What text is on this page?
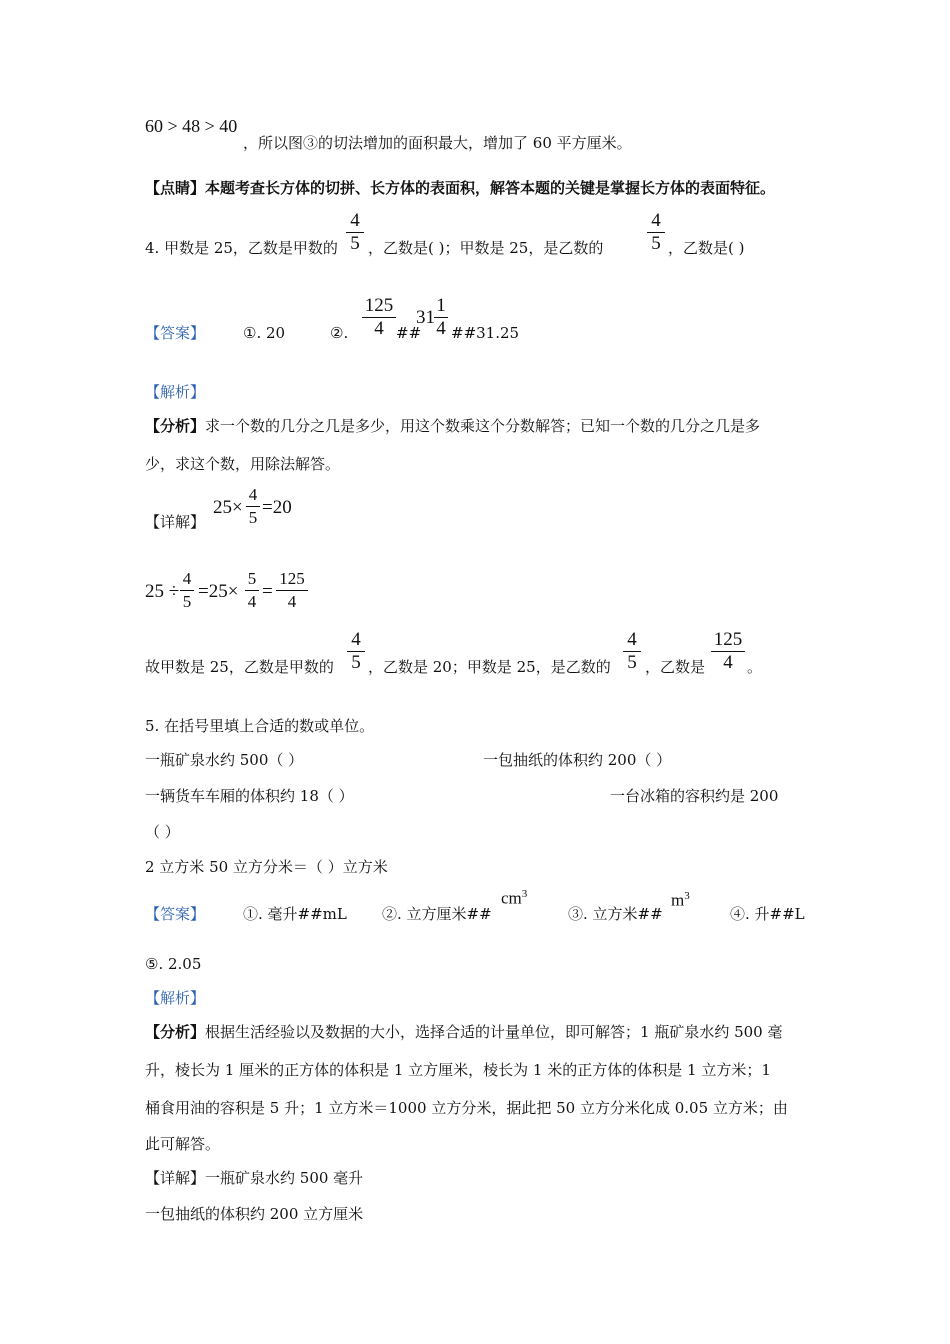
60 > 48 > 40
，所以图③的切法增加的面积最大，增加了 60 平方厘米。
【点睛】本题考查长方体的切拼、长方体的表面积，解答本题的关键是掌握长方体的表面特征。
4. 甲数是 25，乙数是甲数的
4
5 ，乙数是( )；甲数是 25，是乙数的
4
5 ，乙数是( )
【答案】	①. 20	②.
125
4 ##
31
1
4 ##31.25
【解析】
【分析】求一个数的几分之几是多少，用这个数乘这个分数解答；已知一个数的几分之几是多
少，求这个数，用除法解答。
【详解】
25×
4
5 =20
25 ÷
4
5 =25×
5
4 =
125
4
故甲数是 25，乙数是甲数的
4
5 ，乙数是 20；甲数是 25，是乙数的
4
5 ，乙数是
125
4 。
5. 在括号里填上合适的数或单位。
一瓶矿泉水约 500（ ）	一包抽纸的体积约 200（ ）
一辆货车车厢的体积约 18（ ）	一台冰箱的容积约是 200
（ ）
2 立方米 50 立方分米＝（ ）立方米
【答案】	①. 毫升##mL ②. 立方厘米##
$cm^3$
③. 立方米##
$m^3$
④. 升##L
⑤. 2.05
【解析】
【分析】根据生活经验以及数据的大小，选择合适的计量单位，即可解答；1 瓶矿泉水约 500 毫
升，棱长为 1 厘米的正方体的体积是 1 立方厘米，棱长为 1 米的正方体的体积是 1 立方米；1
桶食用油的容积是 5 升；1 立方米＝1000 立方分米，据此把 50 立方分米化成 0.05 立方米；由
此可解答。
【详解】一瓶矿泉水约 500 毫升
一包抽纸的体积约 200 立方厘米
